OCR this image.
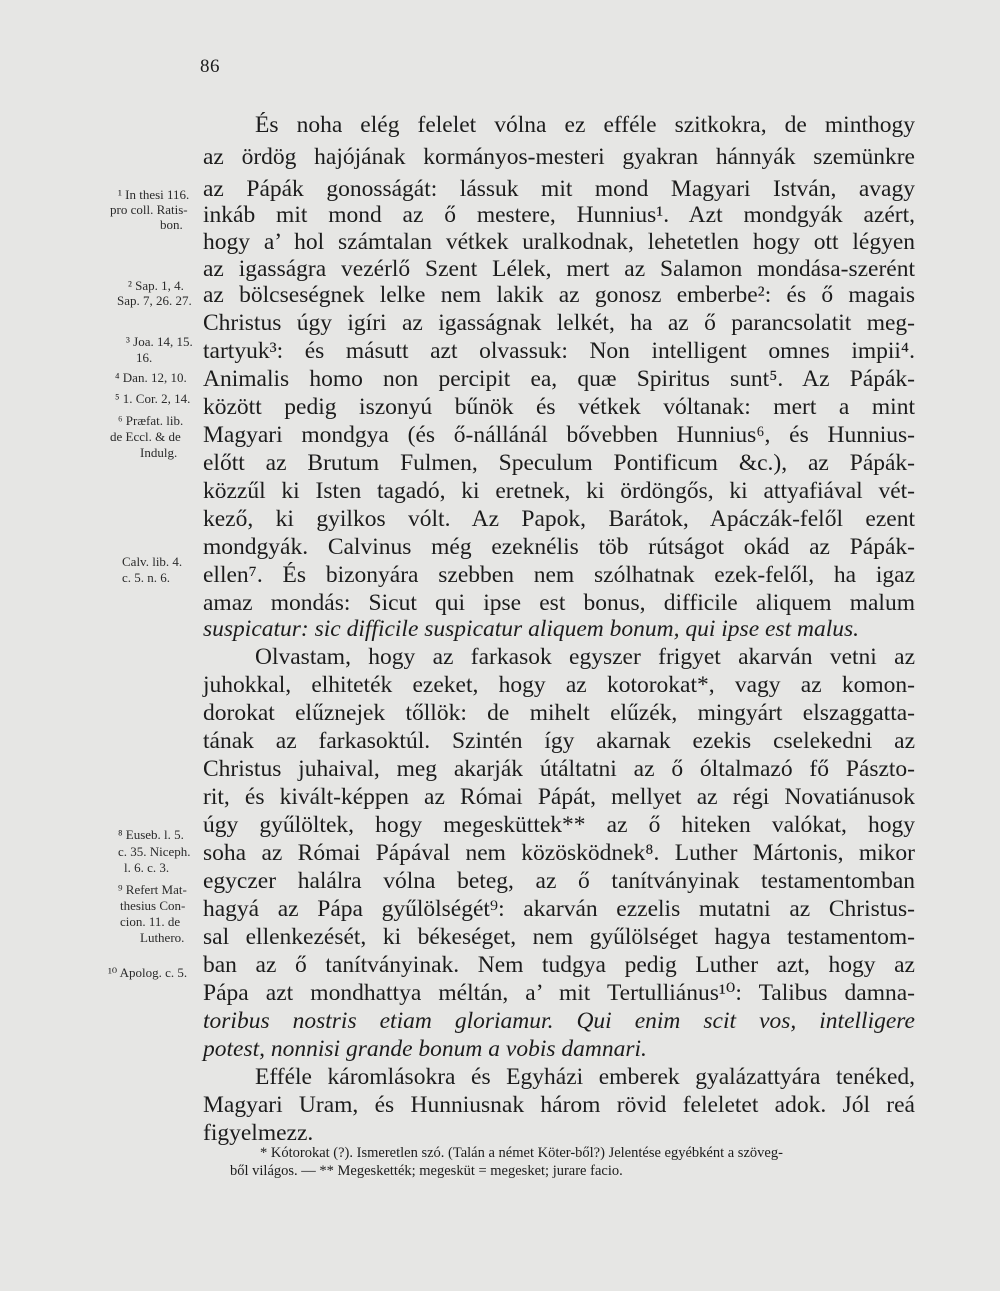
86
És noha elég felelet vólna ez efféle szitkokra, de minthogy
az ördög hajójának kormányos-mesteri gyakran hánnyák szemünkre
az Pápák gonosságát: lássuk mit mond Magyari István, avagy
inkáb mit mond az ő mestere, Hunnius¹. Azt mondgyák azért,
hogy a’ hol számtalan vétkek uralkodnak, lehetetlen hogy ott légyen
az igasságra vezérlő Szent Lélek, mert az Salamon mondása-szerént
az bölcseségnek lelke nem lakik az gonosz emberbe²: és ő magais
Christus úgy igíri az igasságnak lelkét, ha az ő parancsolatit meg-
tartyuk³: és másutt azt olvassuk: Non intelligent omnes impii⁴.
Animalis homo non percipit ea, quæ Spiritus sunt⁵. Az Pápák-
között pedig iszonyú bűnök és vétkek vóltanak: mert a mint
Magyari mondgya (és ő-nállánál bővebben Hunnius⁶, és Hunnius-
előtt az Brutum Fulmen, Speculum Pontificum &c.), az Pápák-
közzűl ki Isten tagadó, ki eretnek, ki ördöngős, ki attyafiával vét-
kező, ki gyilkos vólt. Az Papok, Barátok, Apáczák-felől ezent
mondgyák. Calvinus még ezeknélis töb rútságot okád az Pápák-
ellen⁷. És bizonyára szebben nem szólhatnak ezek-felől, ha igaz
amaz mondás: Sicut qui ipse est bonus, difficile aliquem malum
suspicatur: sic difficile suspicatur aliquem bonum, qui ipse est malus.
Olvastam, hogy az farkasok egyszer frigyet akarván vetni az
juhokkal, elhiteték ezeket, hogy az kotorokat*, vagy az komon-
dorokat elűznejek tőllök: de mihelt elűzék, mingyárt elszaggatta-
tának az farkasoktúl. Szintén így akarnak ezekis cselekedni az
Christus juhaival, meg akarják útáltatni az ő óltalmazó fő Pásztο-
rit, és kivált-képpen az Római Pápát, mellyet az régi Novatiánusok
úgy gyűlöltek, hogy megesküttek** az ő hiteken valókat, hogy
soha az Római Pápával nem közösködnek⁸. Luther Mártonis, mikor
egyczer halálra vólna beteg, az ő tanítványinak testamentomban
hagyá az Pápa gyűlölségét⁹: akarván ezzelis mutatni az Christus-
sal ellenkezését, ki békeséget, nem gyűlölséget hagya testamentom-
ban az ő tanítványinak. Nem tudgya pedig Luther azt, hogy az
Pápa azt mondhattya méltán, a’ mit Tertulliánus¹⁰: Talibus damna-
toribus nostris etiam gloriamur. Qui enim scit vos, intelligere
potest, nonnisi grande bonum a vobis damnari.
Efféle káromlásokra és Egyházi emberek gyalázattyára tenéked,
Magyari Uram, és Hunniusnak három rövid feleletet adok. Jól reá
figyelmezz.
¹ In thesi 116.
pro coll. Ratis-
bon.
² Sap. 1, 4.
Sap. 7, 26. 27.
³ Joa. 14, 15.
16.
⁴ Dan. 12, 10.
⁵ 1. Cor. 2, 14.
⁶ Præfat. lib.
de Eccl. & de
Indulg.
Calv. lib. 4.
c. 5. n. 6.
⁸ Euseb. l. 5.
c. 35. Niceph.
l. 6. c. 3.
⁹ Refert Mat-
thesius Con-
cion. 11. de
Luthero.
¹⁰ Apolog. c. 5.
* Kótorokat (?). Ismeretlen szó. (Talán a német Köter-ből?) Jelentése egyébként a szöveg-
ből világos. — ** Megeskették; megesküt = megesket; jurare facio.
